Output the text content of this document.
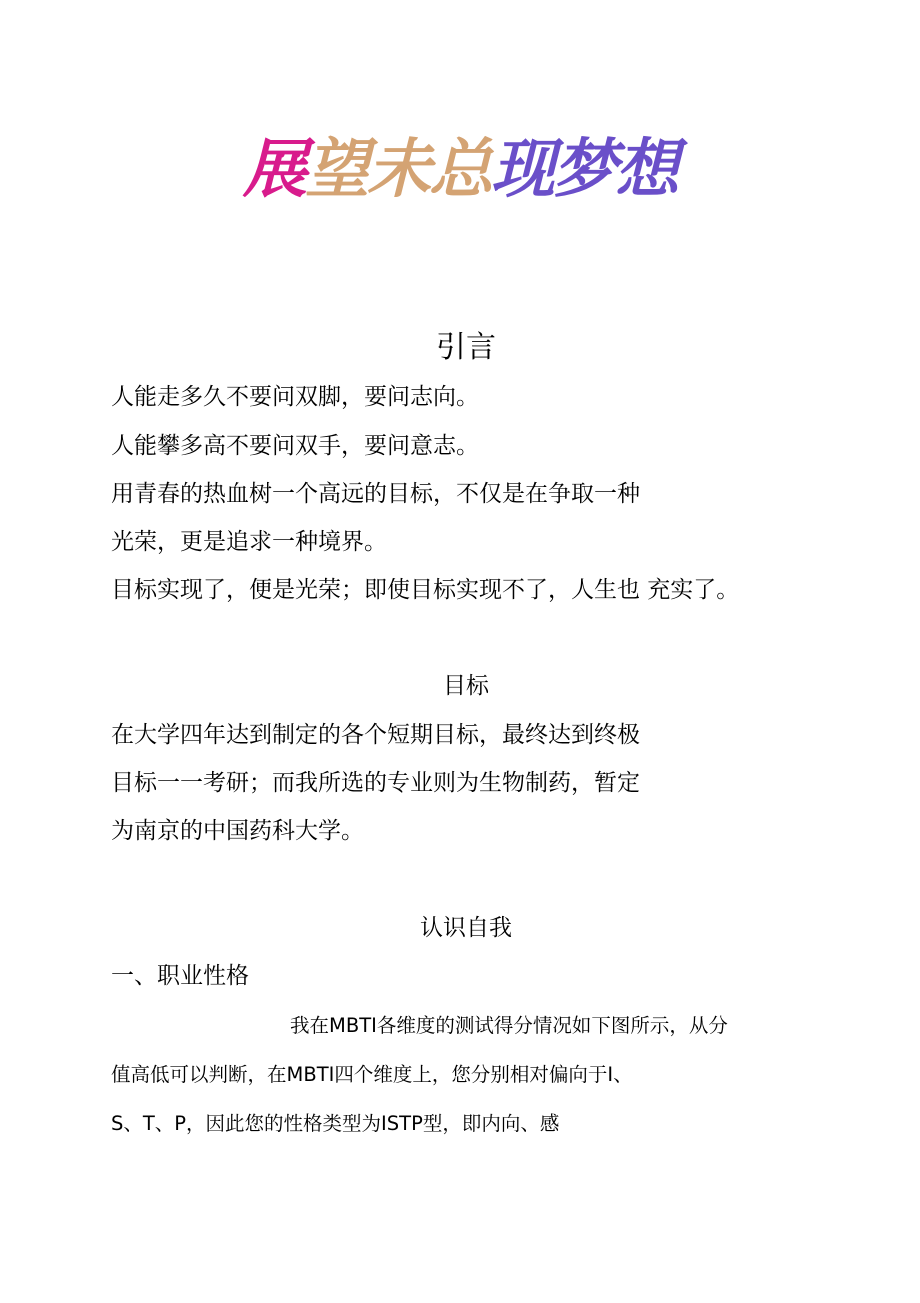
展望未总现梦想
引言
人能走多久不要问双脚，要问志向。
人能攀多高不要问双手，要问意志。
用青春的热血树一个高远的目标，不仅是在争取一种
光荣，更是追求一种境界。
目标实现了，便是光荣；即使目标实现不了，人生也 充实了。
目标
在大学四年达到制定的各个短期目标，最终达到终极
目标一一考研；而我所选的专业则为生物制药，暂定
为南京的中国药科大学。
认识自我
一、职业性格
我在MBTI各维度的测试得分情况如下图所示，从分
值高低可以判断，在MBTI四个维度上，您分别相对偏向于I、
S、T、P，因此您的性格类型为ISTP型，即内向、感
